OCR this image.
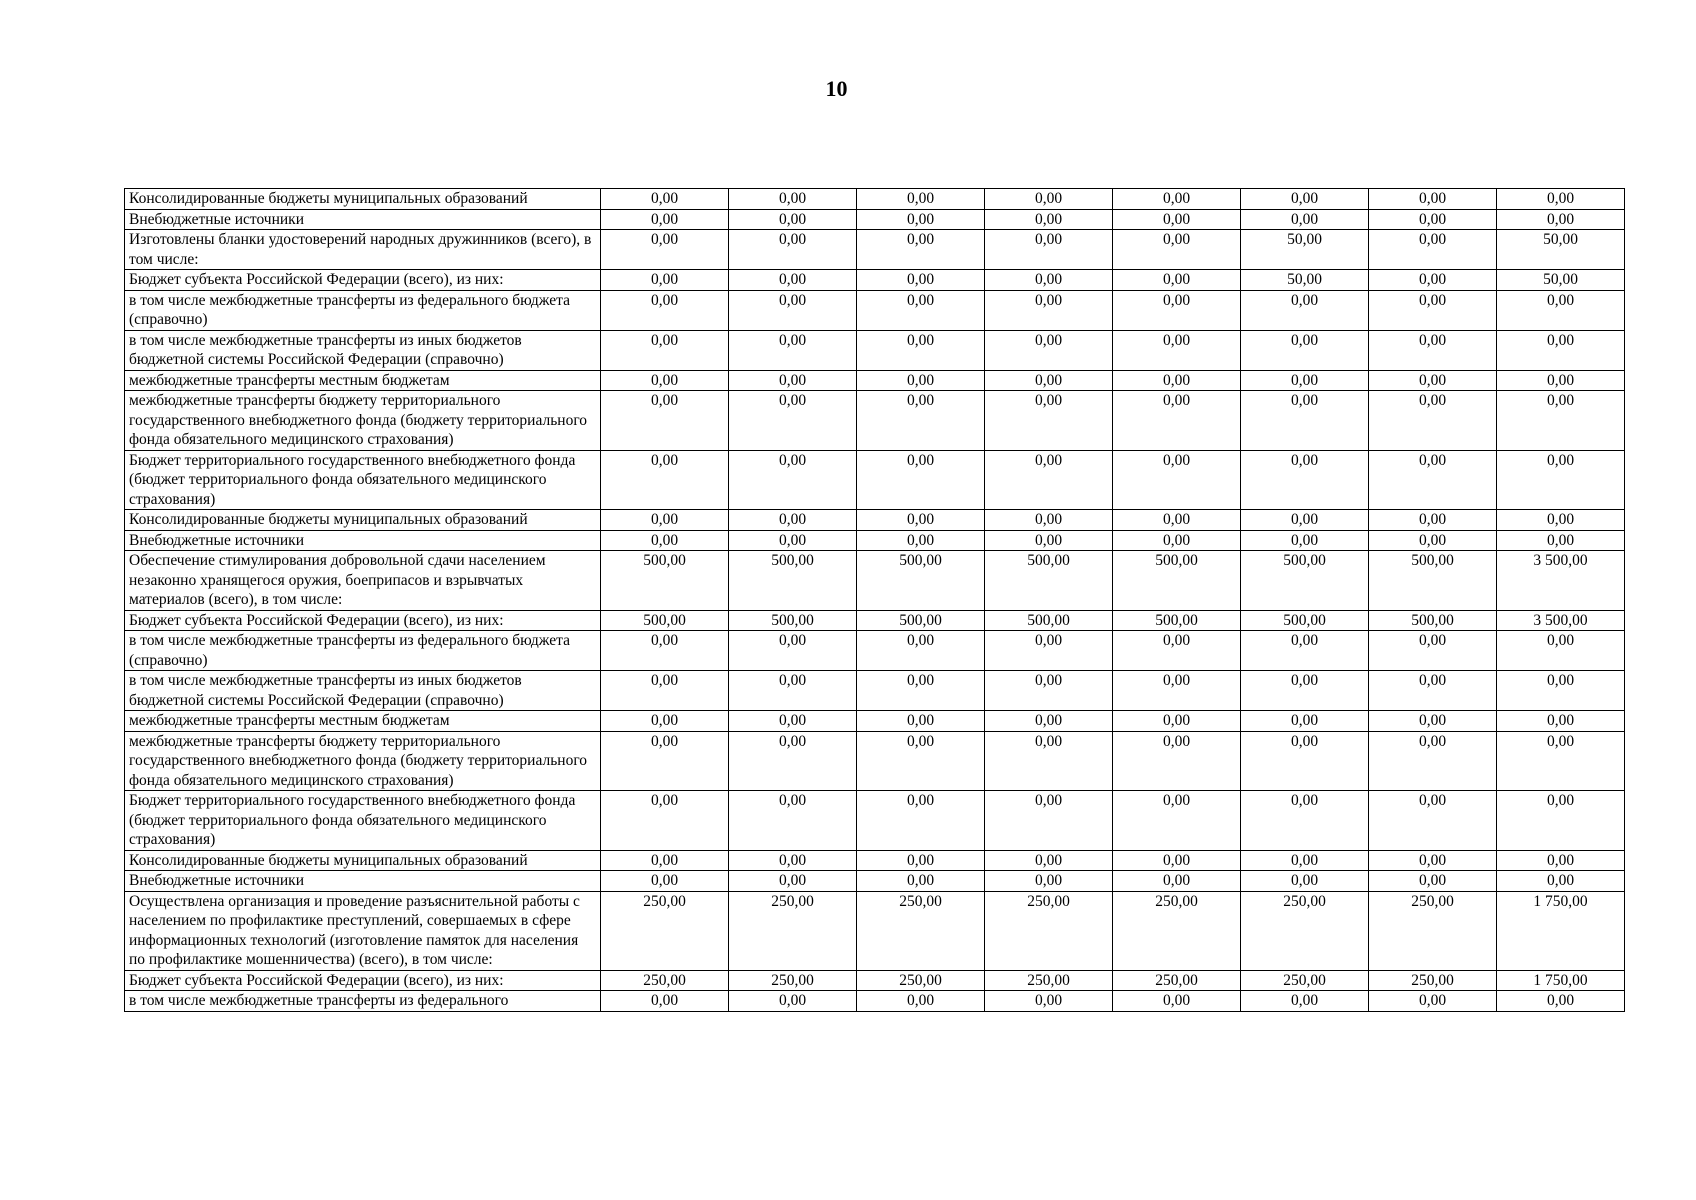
10
Консолидированные бюджеты муниципальных образований	0,00	0,00	0,00	0,00	0,00	0,00	0,00	0,00
Внебюджетные источники	0,00	0,00	0,00	0,00	0,00	0,00	0,00	0,00
Изготовлены бланки удостоверений народных дружинников (всего), в том числе:	0,00	0,00	0,00	0,00	0,00	50,00	0,00	50,00
Бюджет субъекта Российской Федерации (всего), из них:	0,00	0,00	0,00	0,00	0,00	50,00	0,00	50,00
в том числе межбюджетные трансферты из федерального бюджета (справочно)	0,00	0,00	0,00	0,00	0,00	0,00	0,00	0,00
в том числе межбюджетные трансферты из иных бюджетов бюджетной системы Российской Федерации (справочно)	0,00	0,00	0,00	0,00	0,00	0,00	0,00	0,00
межбюджетные трансферты местным бюджетам	0,00	0,00	0,00	0,00	0,00	0,00	0,00	0,00
межбюджетные трансферты бюджету территориального государственного внебюджетного фонда (бюджету территориального фонда обязательного медицинского страхования)	0,00	0,00	0,00	0,00	0,00	0,00	0,00	0,00
Бюджет территориального государственного внебюджетного фонда (бюджет территориального фонда обязательного медицинского страхования)	0,00	0,00	0,00	0,00	0,00	0,00	0,00	0,00
Консолидированные бюджеты муниципальных образований	0,00	0,00	0,00	0,00	0,00	0,00	0,00	0,00
Внебюджетные источники	0,00	0,00	0,00	0,00	0,00	0,00	0,00	0,00
Обеспечение стимулирования добровольной сдачи населением незаконно хранящегося оружия, боеприпасов и взрывчатых материалов (всего), в том числе:	500,00	500,00	500,00	500,00	500,00	500,00	500,00	3 500,00
Бюджет субъекта Российской Федерации (всего), из них:	500,00	500,00	500,00	500,00	500,00	500,00	500,00	3 500,00
в том числе межбюджетные трансферты из федерального бюджета (справочно)	0,00	0,00	0,00	0,00	0,00	0,00	0,00	0,00
в том числе межбюджетные трансферты из иных бюджетов бюджетной системы Российской Федерации (справочно)	0,00	0,00	0,00	0,00	0,00	0,00	0,00	0,00
межбюджетные трансферты местным бюджетам	0,00	0,00	0,00	0,00	0,00	0,00	0,00	0,00
межбюджетные трансферты бюджету территориального государственного внебюджетного фонда (бюджету территориального фонда обязательного медицинского страхования)	0,00	0,00	0,00	0,00	0,00	0,00	0,00	0,00
Бюджет территориального государственного внебюджетного фонда (бюджет территориального фонда обязательного медицинского страхования)	0,00	0,00	0,00	0,00	0,00	0,00	0,00	0,00
Консолидированные бюджеты муниципальных образований	0,00	0,00	0,00	0,00	0,00	0,00	0,00	0,00
Внебюджетные источники	0,00	0,00	0,00	0,00	0,00	0,00	0,00	0,00
Осуществлена организация и проведение разъяснительной работы с населением по профилактике преступлений, совершаемых в сфере информационных технологий (изготовление памяток для населения по профилактике мошенничества) (всего), в том числе:	250,00	250,00	250,00	250,00	250,00	250,00	250,00	1 750,00
Бюджет субъекта Российской Федерации (всего), из них:	250,00	250,00	250,00	250,00	250,00	250,00	250,00	1 750,00
в том числе межбюджетные трансферты из федерального	0,00	0,00	0,00	0,00	0,00	0,00	0,00	0,00
